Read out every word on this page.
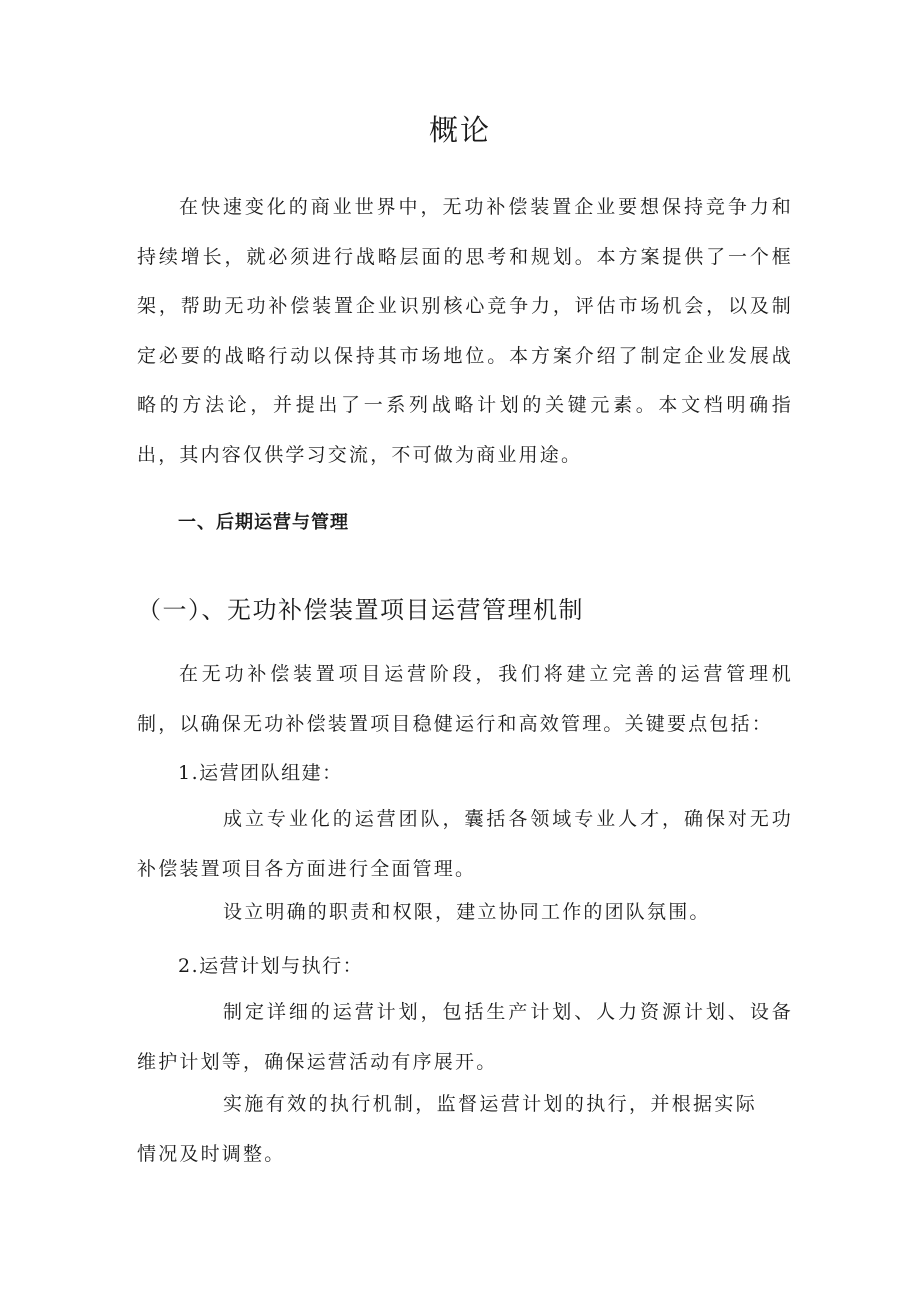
概论

在快速变化的商业世界中，无功补偿装置企业要想保持竞争力和持续增长，就必须进行战略层面的思考和规划。本方案提供了一个框架，帮助无功补偿装置企业识别核心竞争力，评估市场机会，以及制定必要的战略行动以保持其市场地位。本方案介绍了制定企业发展战略的方法论，并提出了一系列战略计划的关键元素。本文档明确指出，其内容仅供学习交流，不可做为商业用途。

一、后期运营与管理
（一）、无功补偿装置项目运营管理机制

在无功补偿装置项目运营阶段，我们将建立完善的运营管理机制，以确保无功补偿装置项目稳健运行和高效管理。关键要点包括：

1.运营团队组建：

成立专业化的运营团队，囊括各领域专业人才，确保对无功补偿装置项目各方面进行全面管理。

设立明确的职责和权限，建立协同工作的团队氛围。

2.运营计划与执行：

制定详细的运营计划，包括生产计划、人力资源计划、设备维护计划等，确保运营活动有序展开。

实施有效的执行机制，监督运营计划的执行，并根据实际情况及时调整。
